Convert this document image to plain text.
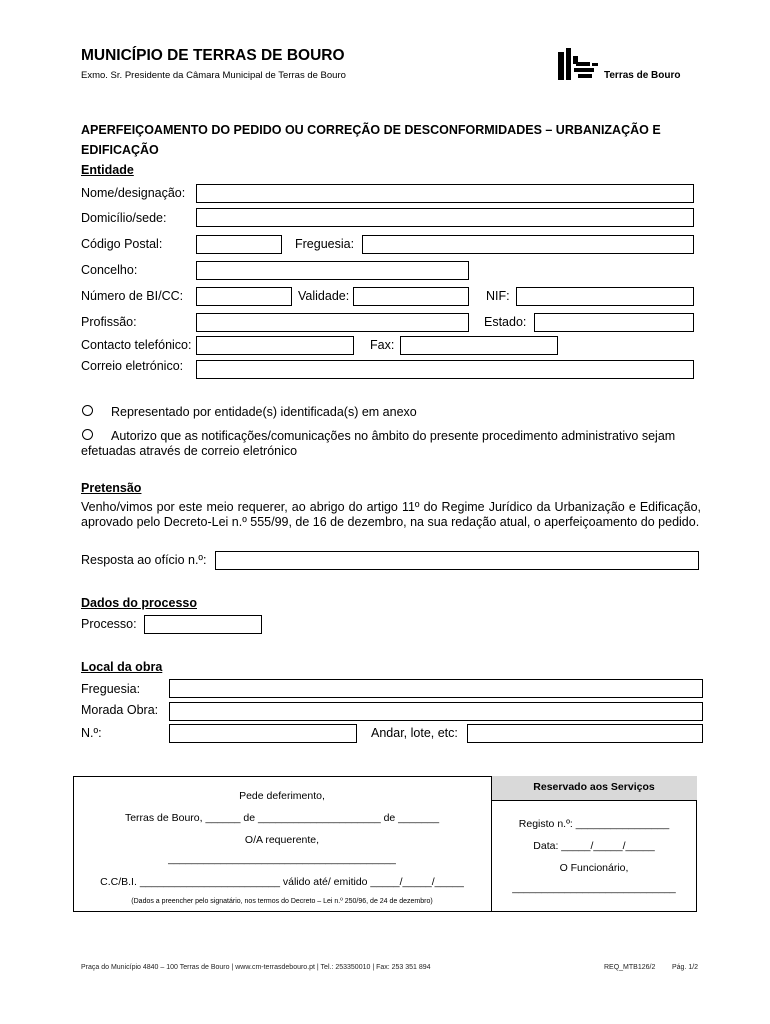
MUNICÍPIO DE TERRAS DE BOURO
Exmo. Sr. Presidente da Câmara Municipal de Terras de Bouro	Terras de Bouro
APERFEIÇOAMENTO DO PEDIDO OU CORREÇÃO DE DESCONFORMIDADES – URBANIZAÇÃO E EDIFICAÇÃO
Entidade
Nome/designação:
Domicílio/sede:
Código Postal:	Freguesia:
Concelho:
Número de BI/CC:	Validade:	NIF:
Profissão:	Estado:
Contacto telefónico:	Fax:
Correio eletrónico:
Representado por entidade(s) identificada(s) em anexo
Autorizo que as notificações/comunicações no âmbito do presente procedimento administrativo sejam efetuadas através de correio eletrónico
Pretensão
Venho/vimos por este meio requerer, ao abrigo do artigo 11º do Regime Jurídico da Urbanização e Edificação, aprovado pelo Decreto-Lei n.º 555/99, de 16 de dezembro, na sua redação atual, o aperfeiçoamento do pedido.
Resposta ao ofício n.º:
Dados do processo
Processo:
Local da obra
Freguesia:
Morada Obra:
N.º:	Andar, lote, etc:
Reservado aos Serviços
Pede deferimento,
Terras de Bouro, ______ de _____________________ de _______
O/A requerente,
_______________________________________
C.C/B.I. ________________________ válido até/ emitido _____/_____/_____
(Dados a preencher pelo signatário, nos termos do Decreto – Lei n.º 250/96, de 24 de dezembro)
Registo n.º: ________________
Data: _____/_____/_____
O Funcionário,
____________________________
Praça do Município 4840 – 100 Terras de Bouro | www.cm-terrasdebouro.pt | Tel.: 253350010 | Fax: 253 351 894	REQ_MTB126/2 Pág. 1/2
